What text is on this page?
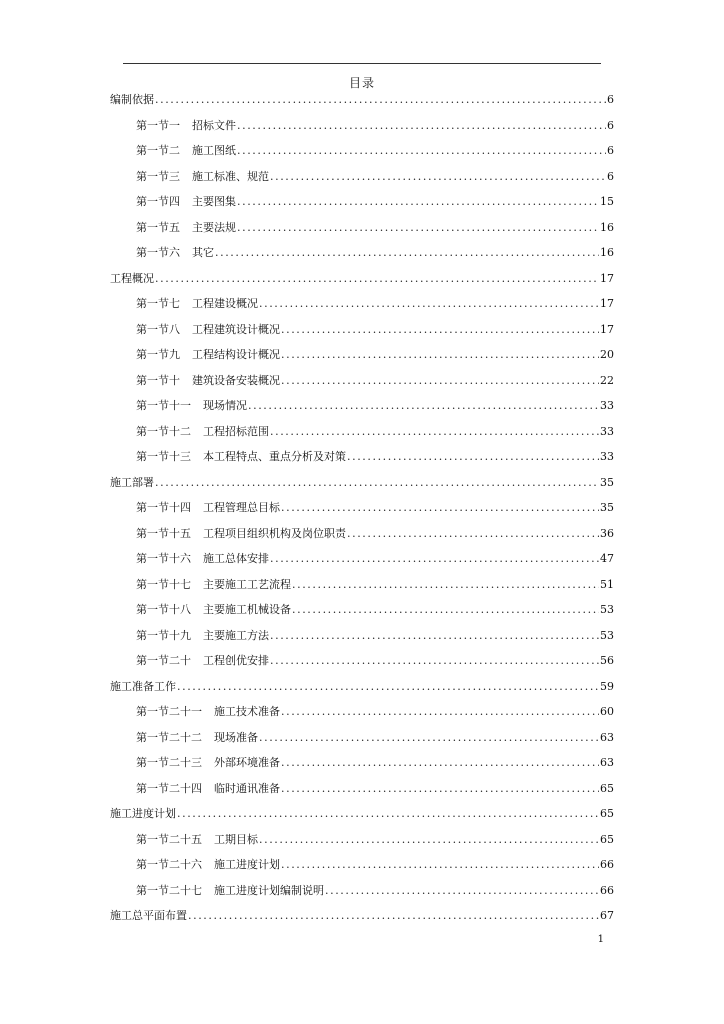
目录
编制依据 .....	6
第一节一 招标文件 .....	6
第一节二 施工图纸 .....	6
第一节三 施工标准、规范 .....	6
第一节四 主要图集 .....	15
第一节五 主要法规 .....	16
第一节六 其它 .....	16
工程概况 .....	17
第一节七 工程建设概况 .....	17
第一节八 工程建筑设计概况 .....	17
第一节九 工程结构设计概况 .....	20
第一节十 建筑设备安装概况 .....	22
第一节十一 现场情况 .....	33
第一节十二 工程招标范围 .....	33
第一节十三 本工程特点、重点分析及对策 .....	33
施工部署 .....	35
第一节十四 工程管理总目标 .....	35
第一节十五 工程项目组织机构及岗位职责 .....	36
第一节十六 施工总体安排 .....	47
第一节十七 主要施工工艺流程 .....	51
第一节十八 主要施工机械设备 .....	53
第一节十九 主要施工方法 .....	53
第一节二十 工程创优安排 .....	56
施工准备工作 .....	59
第一节二十一 施工技术准备 .....	60
第一节二十二 现场准备 .....	63
第一节二十三 外部环境准备 .....	63
第一节二十四 临时通讯准备 .....	65
施工进度计划 .....	65
第一节二十五 工期目标 .....	65
第一节二十六 施工进度计划 .....	66
第一节二十七 施工进度计划编制说明 .....	66
施工总平面布置 .....	67
1
